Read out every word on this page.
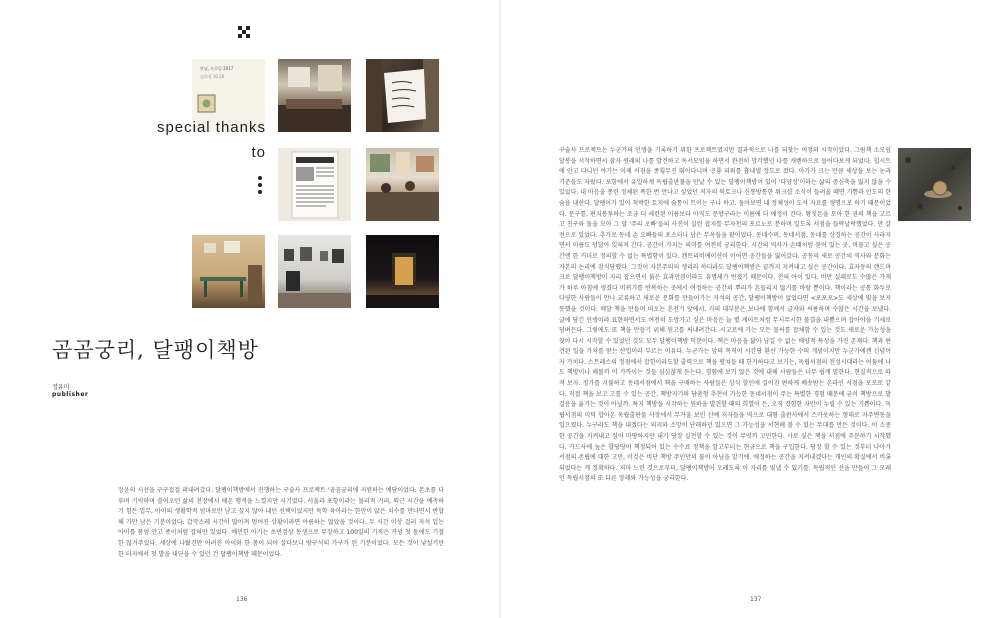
안녕, 드로잉 2017
김희성 10.28
special thanks
to
곰곰궁리, 달팽이책방
정유미
publisher

장윤의 시선을 구구절절 펴내려갔다. 달팽이책방에서 진행하는 구술사 프로젝트 '곰곰궁리에 지원하는 예담이었다. 본초를 다루며 기억하며 쓸어오던 삶의 전장에서 해온 행적을 느꼈지만 시기였다. 서울과 포항이라는 물리적 거리, 퇴근 시간을 예측하기 힘든 업무, 아이의 생활학적 엄마로만 남고 싶지 않아 내던 선택이었지만 독학 육아라는 한만이 앉은 치수를 만나면서 반합해 가만 남은 기분이었다. 갑작스레 시간이 많아져 멈어진 상황이라면 아름하는 않았을 것이다. 두 시간 이상 걸러 자석 입는 아이를 품엄 안고 종이처럼 잡혀만 있었다. 예민한 아기는 초반검상 동생으로 무장하고 100일의 기적은 커녕 첫 돌에도 기절한 않거주었다. 세상에 나왔건만 어려진 아이와 한 몸이 되어 살다보니 방구석의 가구가 된 기분이었다. 모든 것이 낯설기만 한 터지에서 첫 발을 내딛을 수 있던 건 달팽이책방 때문이었다.

136	137

구술사 프로젝트는 누군가의 인생을 기록하기 위한 프로젝트였지만 결과적으로 나를 되찾는 여정의 시작이었다. 그림책 소모임 달봉을 시작하면서 잠자 원래의 나를 발견하고 독서모임을 하면서 완전히 망각했던 나를 캐렌하므로 들어다보게 되었다. 힙시트에 안고 다니던 아기는 이제 서점을 종횡무진 뛰어다니며 공룡 피워를 흉내낼 정도로 컸다. 아가가 크는 만큼 세상을 보는 눈과 기준들도 자랐다. 포항에서 유일하게 독립출판물을 만날 수 있는 달팽이책방이 있어 '다양성'이라는 삶의 중심축을 잃지 않을 수 있었다. 내 마음을 퐁린 정체된 폭한 번 만나고 싶었던 저자의 북토크나 신통방통한 워크샵 소식이 들려올 때면 기쁨과 안도의 한숨을 내쉰다. 달팽이가 있어 척박한 토지에 숨통이 트이는 구나 하고. 돌아보면 내 정체성이 도서 자료를 생명으로 하기 때문이었다. 문구를, 편지봉투하는 조금 더 세련된 이름보다 아직도 문방구라는 이름에 더 애정이 간다. 왕짓돈을 모아 한 권의 책을 고르고 친구와 돌을 모아 그 달 '주리 오빠'들의 사진이 실린 잡지를 무자천의 포르노로 분하며 일도록 서점을 들락날락했었다. 만 갈 전으로 있었다. 추가로 동네 손 오빠들의 포스터나 남은 무옥들을 팔이었다. 동네수퍼, 동네서점, 동네를 상징하는 공간이 사라지면서 이름도 덩달아 잊혀져 간다. 공간이 가지는 의미를 여전히 궁리한다. 시간의 역사가 손때처럼 묻어 있는 곳, 머물고 싶은 공간엔 한 커더로 정의할 수 없는 특별함이 있다. 캔트리비에이션이 이어면 공간들을 잃어갔다. 공동의 새로 공간의 역사와 문화는 자본의 논리에 잠식당했다. 그것이 자본주의의 생리라 하더라도 달팽이책방은 끝까지 지켜내고 싶은 공간이다. 효자동의 랜드마크로 달팽이책방이 자리 잡으면서 붉은 효과만큼이라도 유명세가 번졌기 때문이다. 전혀 아이 있다. 비만 실패로도 수많은 가게가 하루 아침에 생겼다 비뀌기를 반복하는 곳에서 여정하는 공간의 뿌리가 흔들리지 않기를 바랄 뿐이다. 책이라는 공통 화두로 다양한 사람들이 만나 교류하고 새로운 문화를 만들어가는 자석의 공간, 달팽이책방이 없었다면 <포포포>도 세상에 빛을 보지 못했을 것이다. 매달 책을 만들며 떠오는 흔전기 앞에서, 거의 대부분은 보나에 함께서 글자와 씨름하며 수많은 시간을 보냈다. 글에 담긴 인생이라 표현하면서도 여전히 도망가고 싶은 마음은 늘 볕 게이트처럼 무시무시한 물결을 내뿜으며 잡아야을 기세로 덤벼든다. 그렇에도 또 책을 만들기 위해 원고를 써내려간다. 시고로에 가는 모든 물씨를 잡채함 수 있는 것도 새로운 가능성을 찾아 다시 시작할 수 있었던 것도 모두 달팽이책방 덕분이다. 책은 마음을 닮아 남길 수 없는 배양적 특성을 가진 존재다. 책과 편견된 일을 가치를 받는 산업이라 부르는 이유다. 누군가는 앞의 목적이 시간당 환산 가능한 수의 개념이지만 누군가에겐 신념이자 가치다. 스트레스의 정점에서 잡힌이라도할 출력으로 책을 펼쳐들 때 한가하다고 보기는, 독립서점의 전성시대라는 어둠에 나도 책방이나 해볼까 이 가까이는 것들 심심찮게 듣는다. 경험에 보기 않은 것에 대해 사람들은 너무 쉽게 말한다. 현실적으로 따져 보자. 정가를 지불하고 동네서점에서 책을 구매하는 사람들은 상식 할인에 길어진 편하게 배송받는 온라인 서점을 포로로 같다. 직접 책을 보고 고를 수 있는 공간, 책방지기의 담춤형 추천이 가능한 동네서점이 주는 특별한 경험 때문에 굳이 책방으로 발걸음을 옮기는 것이 아닐까. 특지 책방을 시작하는 원하을 발견할 때의 희열이 든, 오직 경험한 자만이 누릴 수 있는 기쁨이다. 독립서점의 미덕 합아온 독립출판물 사장에서 무거울 보인 신예 저자들을 역으로 대형 출판사에서 스카웃하는 형태로 자주변동을 일으켰다. 누구라도 책을 내겠다는 의지와 소망이 단래하던 있으면 그 가능성을 서현해 볼 수 있는 무대를 만든 것이다. 이 소중한 공간을 지켜내고 싶어 마땅하지만 내가 당장 실천할 수 있는 것이 무엇까 고민한다. 사로 싶은 책을 서점에 주문하기 시작했다. 카드사에 높은 할당량이 책정되어 있는 수수료 정책을 알고부터는 현금으로 책을 구입한다. 당장 할 수 있는 것부터 나아가 서점의 존립에 대한 고민, 이것은 비단 책방 주인만의 불이 아님을 알기에. 애정하는 공간을 지켜내겠다는 개인의 확실에서 비롯되었다는 게 정확하다. 저마 느린 것으로부터, 달팽이책방이 오래도록 이 자리를 빛낼 수 있기를. 독립적인 선을 만들어 그 모래인 독립서점의 또 다른 장래와 가능성을 궁리한다.
